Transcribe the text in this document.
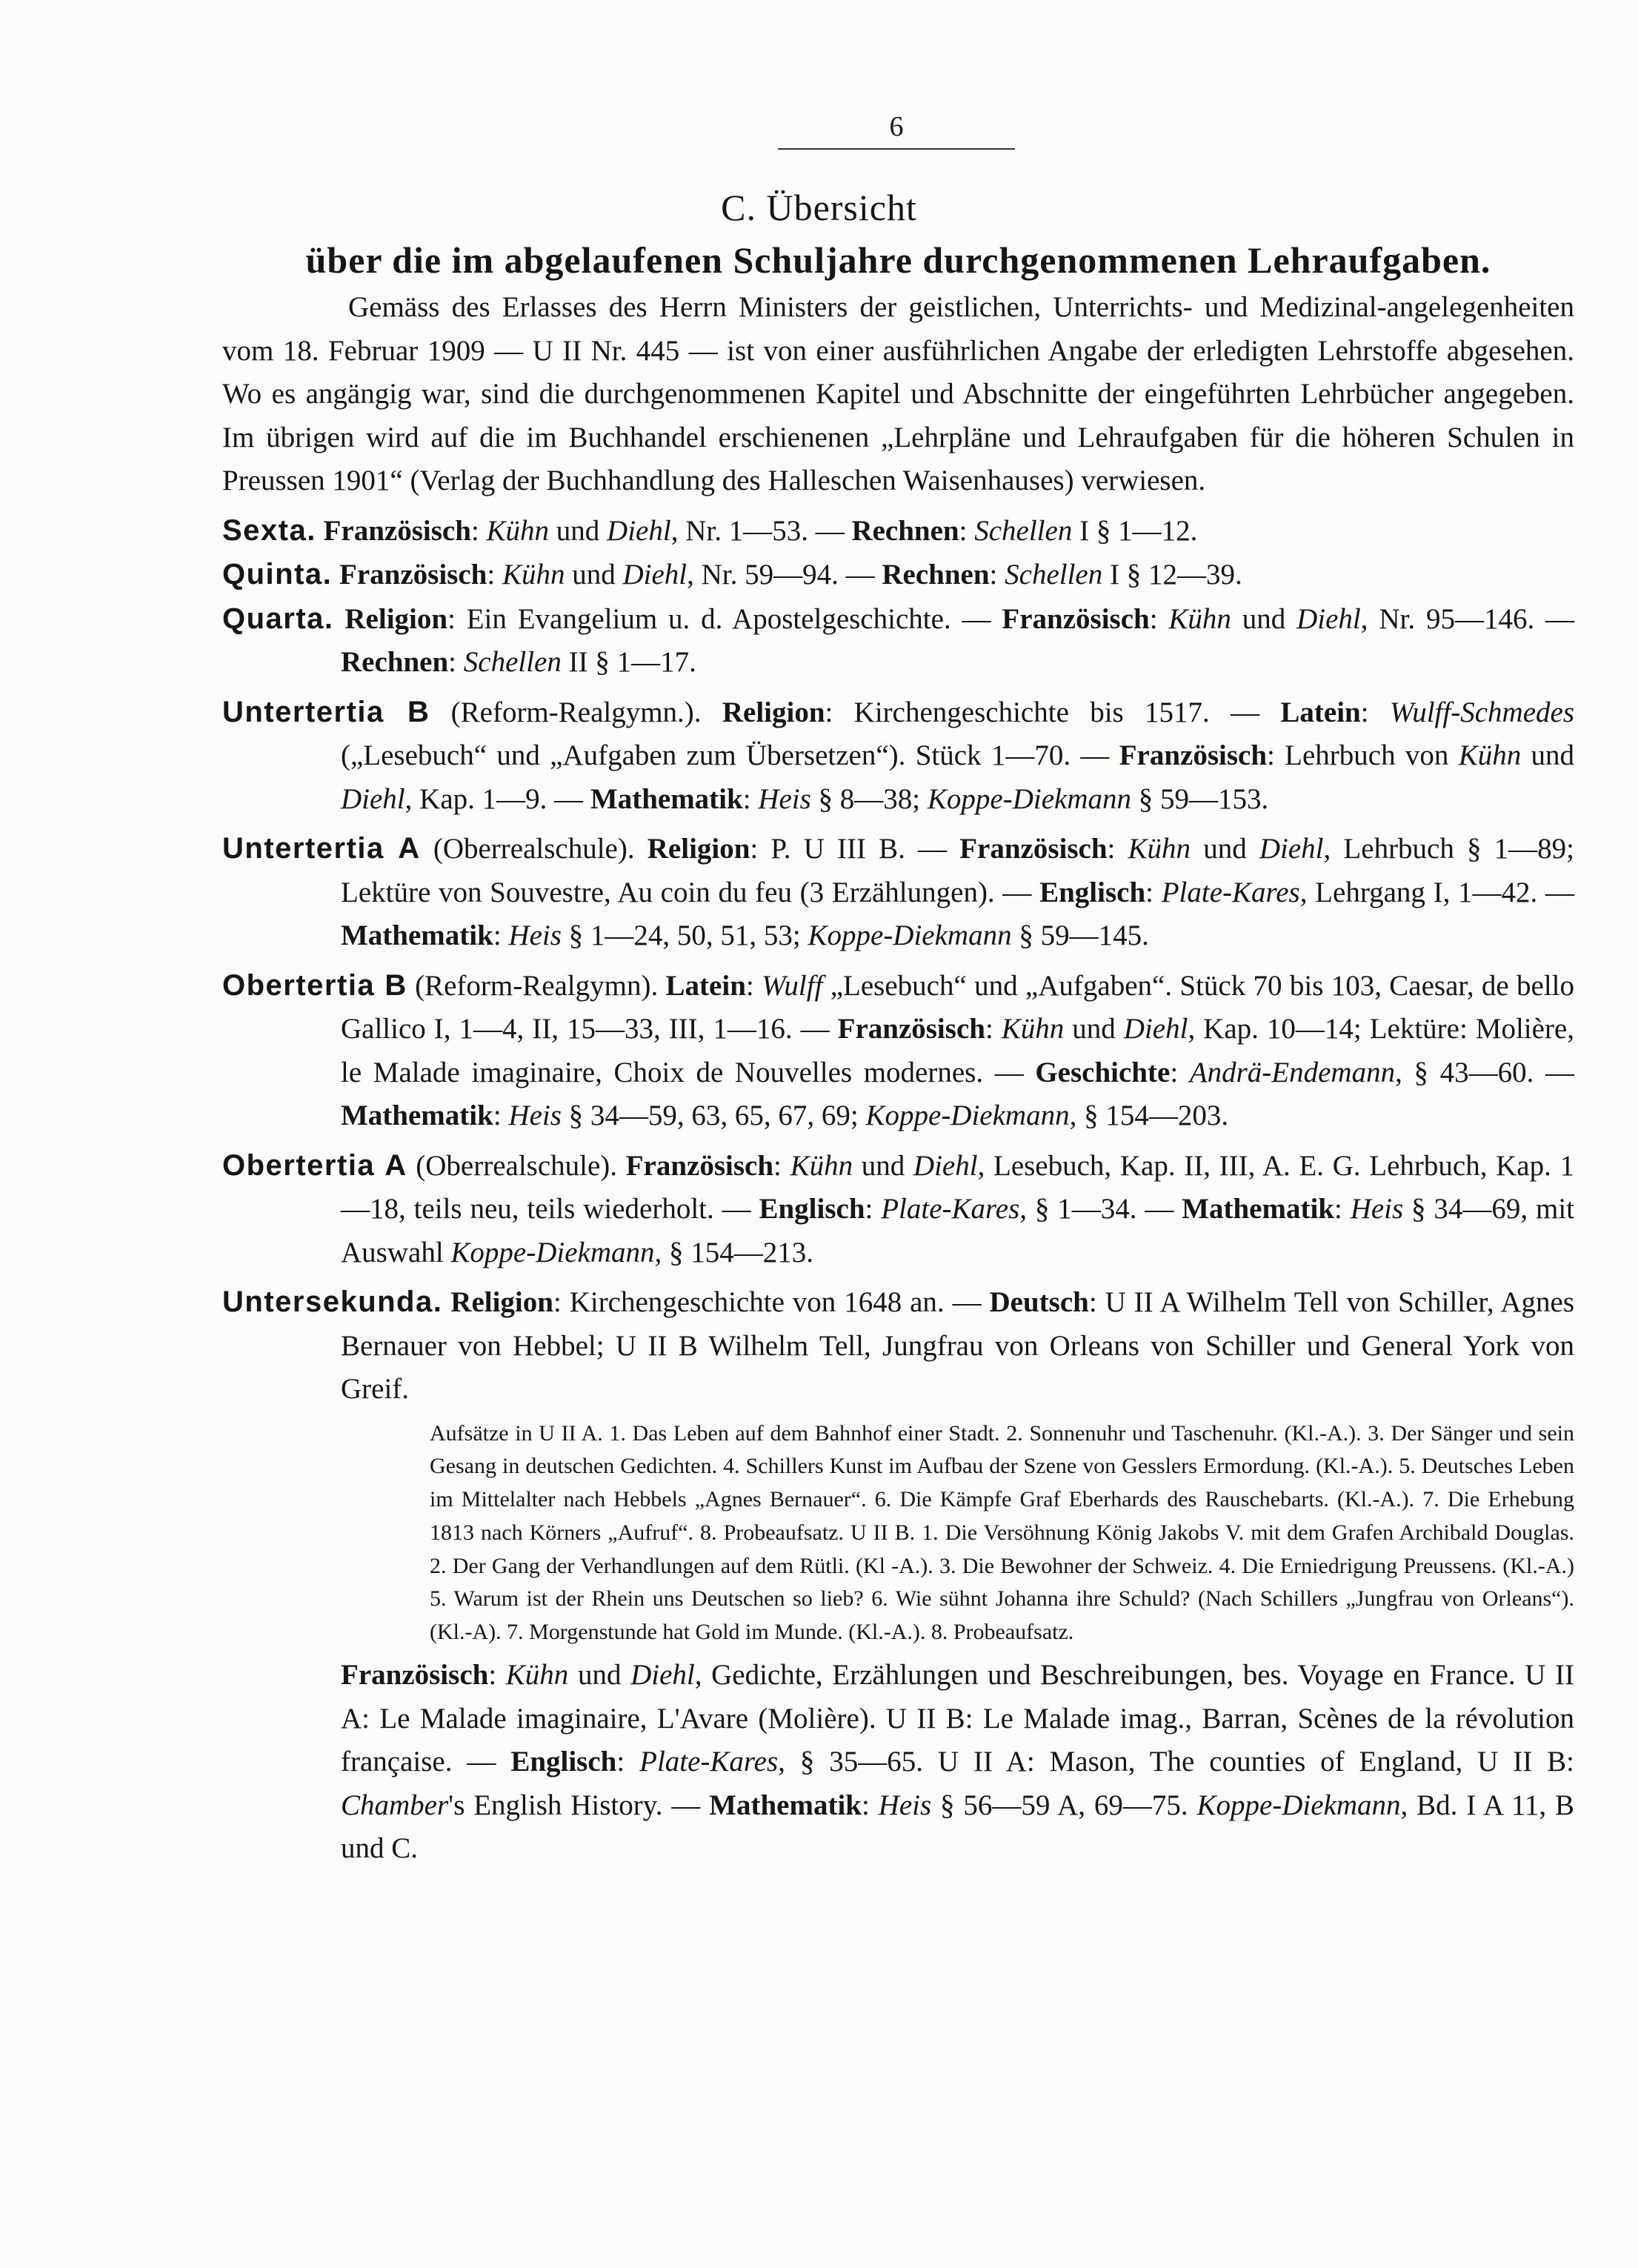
6
C. Übersicht
über die im abgelaufenen Schuljahre durchgenommenen Lehraufgaben.

Gemäss des Erlasses des Herrn Ministers der geistlichen, Unterrichts- und Medizinal-angelegenheiten vom 18. Februar 1909 — U II Nr. 445 — ist von einer ausführlichen Angabe der erledigten Lehrstoffe abgesehen. Wo es angängig war, sind die durchgenommenen Kapitel und Abschnitte der eingeführten Lehrbücher angegeben. Im übrigen wird auf die im Buchhandel erschienenen „Lehrpläne und Lehraufgaben für die höheren Schulen in Preussen 1901“ (Verlag der Buchhandlung des Halleschen Waisenhauses) verwiesen.

Sexta. Französisch: Kühn und Diehl, Nr. 1—53. — Rechnen: Schellen I § 1—12.

Quinta. Französisch: Kühn und Diehl, Nr. 59—94. — Rechnen: Schellen I § 12—39.

Quarta. Religion: Ein Evangelium u. d. Apostelgeschichte. — Französisch: Kühn und Diehl, Nr. 95—146. — Rechnen: Schellen II § 1—17.

Untertertia B (Reform-Realgymn.). Religion: Kirchengeschichte bis 1517. — Latein: Wulff-Schmedes („Lesebuch“ und „Aufgaben zum Übersetzen“). Stück 1—70. — Französisch: Lehrbuch von Kühn und Diehl, Kap. 1—9. — Mathematik: Heis § 8—38; Koppe-Diekmann § 59—153.

Untertertia A (Oberrealschule). Religion: P. U III B. — Französisch: Kühn und Diehl, Lehrbuch § 1—89; Lektüre von Souvestre, Au coin du feu (3 Erzählungen). — Englisch: Plate-Kares, Lehrgang I, 1—42. — Mathematik: Heis § 1—24, 50, 51, 53; Koppe-Diekmann § 59—145.

Obertertia B (Reform-Realgymn). Latein: Wulff „Lesebuch“ und „Aufgaben“. Stück 70 bis 103, Caesar, de bello Gallico I, 1—4, II, 15—33, III, 1—16. — Französisch: Kühn und Diehl, Kap. 10—14; Lektüre: Molière, le Malade imaginaire, Choix de Nouvelles modernes. — Geschichte: Andrä-Endemann, § 43—60. — Mathematik: Heis § 34—59, 63, 65, 67, 69; Koppe-Diekmann, § 154—203.

Obertertia A (Oberrealschule). Französisch: Kühn und Diehl, Lesebuch, Kap. II, III, A. E. G. Lehrbuch, Kap. 1—18, teils neu, teils wiederholt. — Englisch: Plate-Kares, § 1—34. — Mathematik: Heis § 34—69, mit Auswahl Koppe-Diekmann, § 154—213.

Untersekunda. Religion: Kirchengeschichte von 1648 an. — Deutsch: U II A Wilhelm Tell von Schiller, Agnes Bernauer von Hebbel; U II B Wilhelm Tell, Jungfrau von Orleans von Schiller und General York von Greif.

Aufsätze in U II A. 1. Das Leben auf dem Bahnhof einer Stadt. 2. Sonnenuhr und Taschenuhr. (Kl.-A.). 3. Der Sänger und sein Gesang in deutschen Gedichten. 4. Schillers Kunst im Aufbau der Szene von Gesslers Ermordung. (Kl.-A.). 5. Deutsches Leben im Mittelalter nach Hebbels „Agnes Bernauer“. 6. Die Kämpfe Graf Eberhards des Rauschebarts. (Kl.-A.). 7. Die Erhebung 1813 nach Körners „Aufruf“. 8. Probeaufsatz. U II B. 1. Die Versöhnung König Jakobs V. mit dem Grafen Archibald Douglas. 2. Der Gang der Verhandlungen auf dem Rütli. (Kl -A.). 3. Die Bewohner der Schweiz. 4. Die Erniedrigung Preussens. (Kl.-A.) 5. Warum ist der Rhein uns Deutschen so lieb? 6. Wie sühnt Johanna ihre Schuld? (Nach Schillers „Jungfrau von Orleans“). (Kl.-A). 7. Morgenstunde hat Gold im Munde. (Kl.-A.). 8. Probeaufsatz.

Französisch: Kühn und Diehl, Gedichte, Erzählungen und Beschreibungen, bes. Voyage en France. U II A: Le Malade imaginaire, L'Avare (Molière). U II B: Le Malade imag., Barran, Scènes de la révolution française. — Englisch: Plate-Kares, § 35—65. U II A: Mason, The counties of England, U II B: Chamber's English History. — Mathematik: Heis § 56—59 A, 69—75. Koppe-Diekmann, Bd. I A 11, B und C.
